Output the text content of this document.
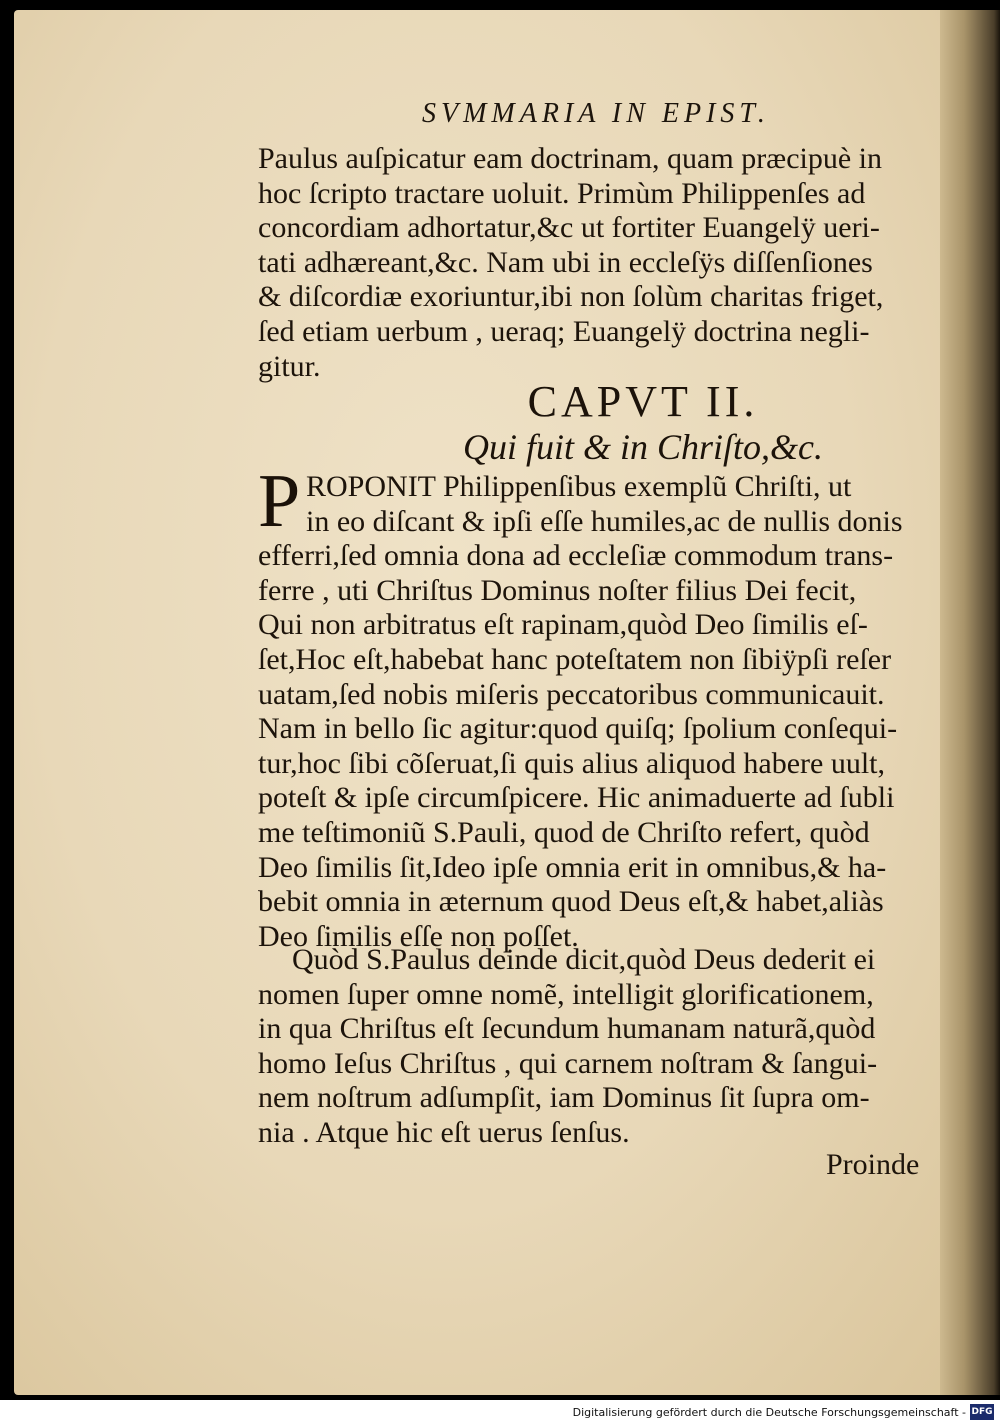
SVMMARIA IN EPIST.
Paulus auſpicatur eam doctrinam, quam præcipuè in
hoc ſcripto tractare uoluit. Primùm Philippenſes ad
concordiam adhortatur,&c ut fortiter Euangelÿ ueri-
tati adhæreant,&c. Nam ubi in eccleſÿs diſſenſiones
& diſcordiæ exoriuntur,ibi non ſolùm charitas friget,
ſed etiam uerbum , ueraq; Euangelÿ doctrina negli-
gitur.
CAPVT II.
Qui fuit & in Chriſto,&c.
P ROPONIT Philippenſibus exemplũ Chriſti, ut
in eo diſcant & ipſi eſſe humiles,ac de nullis donis
efferri,ſed omnia dona ad eccleſiæ commodum trans-
ferre , uti Chriſtus Dominus noſter filius Dei fecit,
Qui non arbitratus eſt rapinam,quòd Deo ſimilis eſ-
ſet,Hoc eſt,habebat hanc poteſtatem non ſibiÿpſi reſer
uatam,ſed nobis miſeris peccatoribus communicauit.
Nam in bello ſic agitur:quod quiſq; ſpolium conſequi-
tur,hoc ſibi cõſeruat,ſi quis alius aliquod habere uult,
poteſt & ipſe circumſpicere. Hic animaduerte ad ſubli
me teſtimoniũ S.Pauli, quod de Chriſto refert, quòd
Deo ſimilis ſit,Ideo ipſe omnia erit in omnibus,& ha-
bebit omnia in æternum quod Deus eſt,& habet,aliàs
Deo ſimilis eſſe non poſſet.
Quòd S.Paulus deinde dicit,quòd Deus dederit ei
nomen ſuper omne nomẽ, intelligit glorificationem,
in qua Chriſtus eſt ſecundum humanam naturã,quòd
homo Ieſus Chriſtus , qui carnem noſtram & ſangui-
nem noſtrum adſumpſit, iam Dominus ſit ſupra om-
nia . Atque hic eſt uerus ſenſus.
Proinde
Digitalisierung gefördert durch die Deutsche Forschungsgemeinschaft - DFG
